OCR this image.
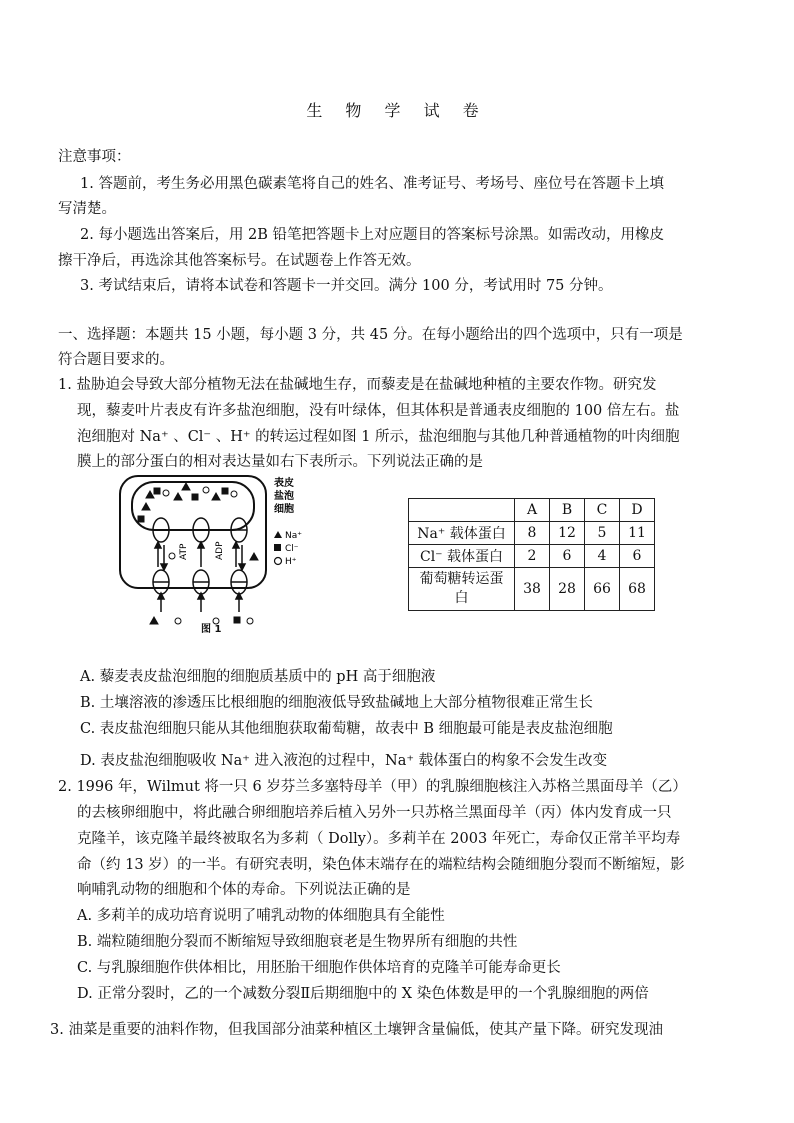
生 物 学 试 卷
注意事项：
1. 答题前，考生务必用黑色碳素笔将自己的姓名、准考证号、考场号、座位号在答题卡上填
写清楚。
2. 每小题选出答案后，用 2B 铅笔把答题卡上对应题目的答案标号涂黑。如需改动，用橡皮
擦干净后，再选涂其他答案标号。在试题卷上作答无效。
3. 考试结束后，请将本试卷和答题卡一并交回。满分 100 分，考试用时 75 分钟。
一、选择题：本题共 15 小题，每小题 3 分，共 45 分。在每小题给出的四个选项中，只有一项是
符合题目要求的。
1. 盐胁迫会导致大部分植物无法在盐碱地生存，而藜麦是在盐碱地种植的主要农作物。研究发
现，藜麦叶片表皮有许多盐泡细胞，没有叶绿体，但其体积是普通表皮细胞的 100 倍左右。盐
泡细胞对 Na⁺ 、Cl⁻ 、H⁺ 的转运过程如图 1 所示，盐泡细胞与其他几种普通植物的叶肉细胞
膜上的部分蛋白的相对表达量如右下表所示。下列说法正确的是
ATP	ADP
表皮
盐泡
细胞
Na⁺
Cl⁻
H⁺
图 1
	A	B	C	D
Na⁺ 载体蛋白	8	12	5	11
Cl⁻ 载体蛋白	2	6	4	6
葡萄糖转运蛋
白	38	28	66	68
A. 藜麦表皮盐泡细胞的细胞质基质中的 pH 高于细胞液
B. 土壤溶液的渗透压比根细胞的细胞液低导致盐碱地上大部分植物很难正常生长
C. 表皮盐泡细胞只能从其他细胞获取葡萄糖，故表中 B 细胞最可能是表皮盐泡细胞
D. 表皮盐泡细胞吸收 Na⁺ 进入液泡的过程中，Na⁺ 载体蛋白的构象不会发生改变
2. 1996 年，Wilmut 将一只 6 岁芬兰多塞特母羊（甲）的乳腺细胞核注入苏格兰黑面母羊（乙）
的去核卵细胞中，将此融合卵细胞培养后植入另外一只苏格兰黑面母羊（丙）体内发育成一只
克隆羊，该克隆羊最终被取名为多莉（ Dolly）。多莉羊在 2003 年死亡，寿命仅正常羊平均寿
命（约 13 岁）的一半。有研究表明，染色体末端存在的端粒结构会随细胞分裂而不断缩短，影
响哺乳动物的细胞和个体的寿命。下列说法正确的是
A. 多莉羊的成功培育说明了哺乳动物的体细胞具有全能性
B. 端粒随细胞分裂而不断缩短导致细胞衰老是生物界所有细胞的共性
C. 与乳腺细胞作供体相比，用胚胎干细胞作供体培育的克隆羊可能寿命更长
D. 正常分裂时，乙的一个减数分裂Ⅱ后期细胞中的 X 染色体数是甲的一个乳腺细胞的两倍
3. 油菜是重要的油料作物，但我国部分油菜种植区土壤钾含量偏低，使其产量下降。研究发现油
